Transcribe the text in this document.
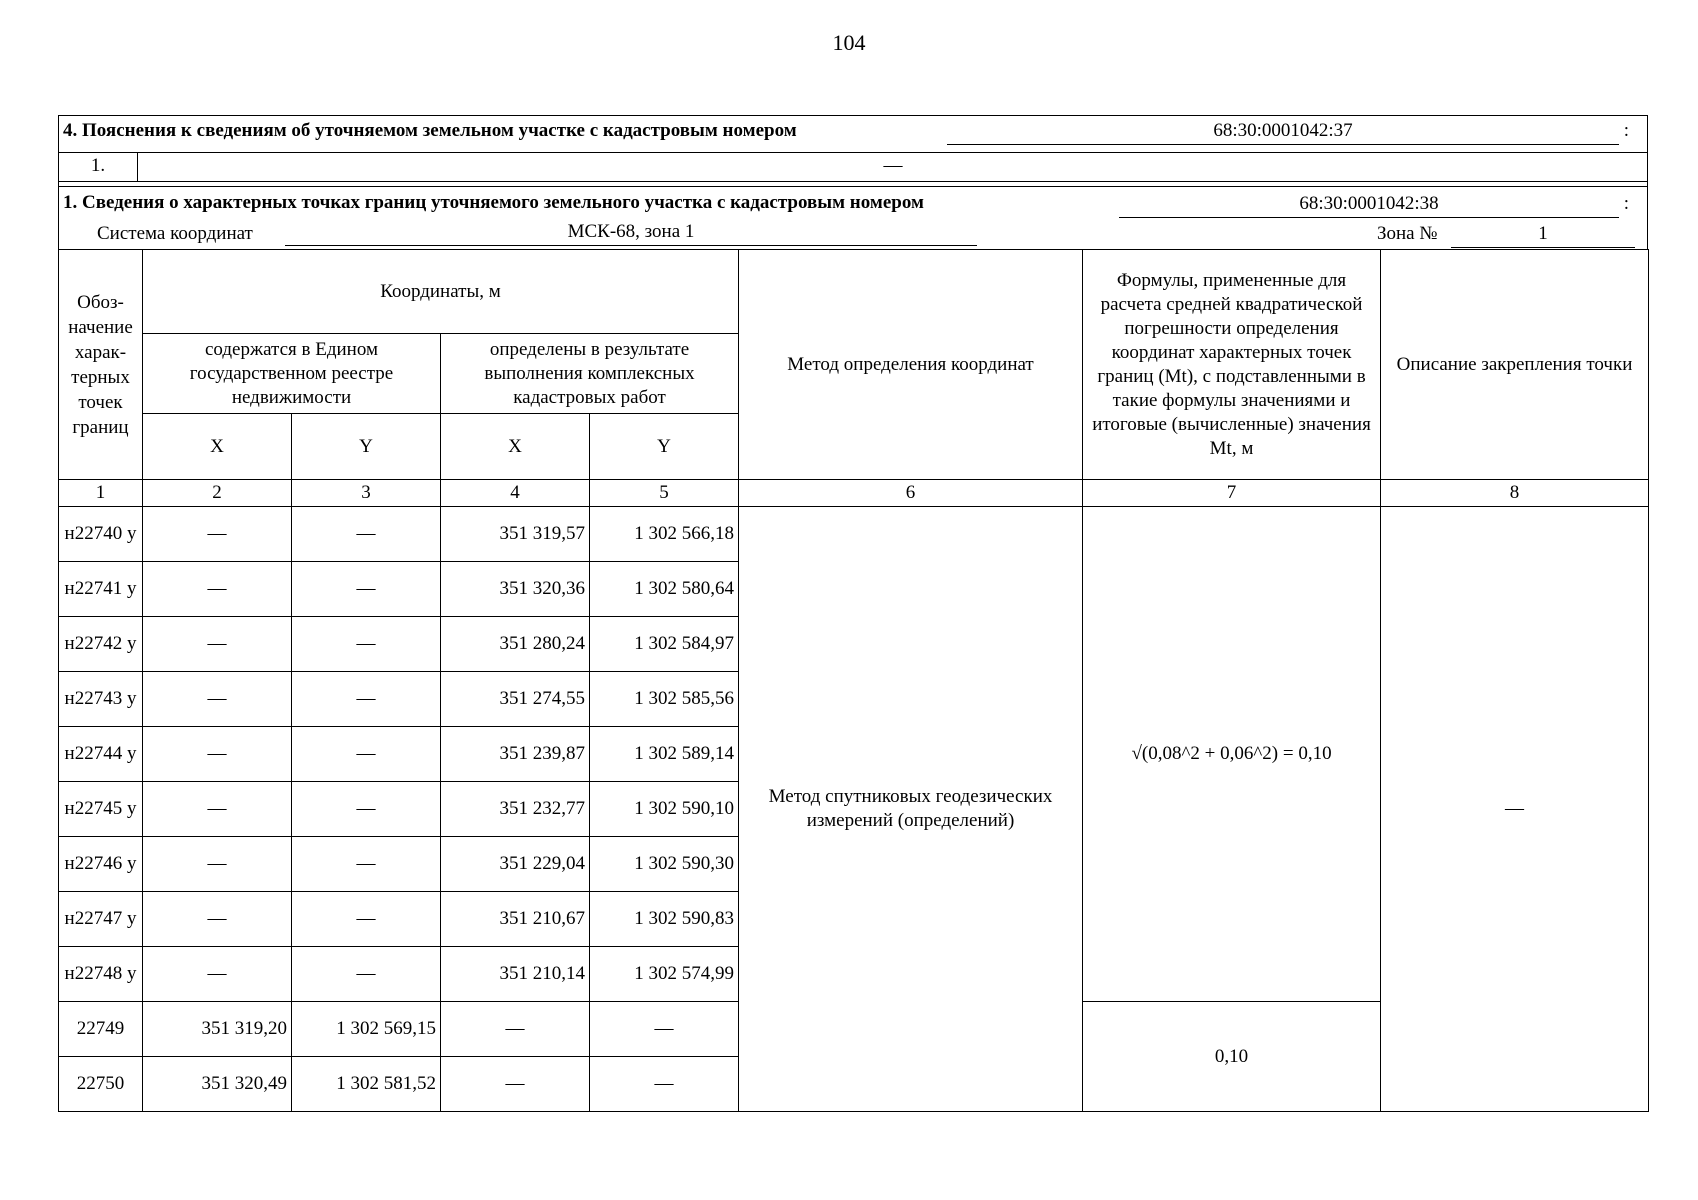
104
4. Пояснения к сведениям об уточняемом земельном участке с кадастровым номером	68:30:0001042:37	:
1.	—
1. Сведения о характерных точках границ уточняемого земельного участка с кадастровым номером	68:30:0001042:38	:
Система координат	МСК-68, зона 1	Зона №	1
Обоз-начение харак-терных точек границ	Координаты, м				Метод определения координат	Формулы, примененные для расчета средней квадратической погрешности определения координат характерных точек границ (Mt), с подставленными в такие формулы значениями и итоговые (вычисленные) значения Mt, м	Описание закрепления точки
	содержатся в Едином государственном реестре недвижимости		определены в результате выполнения комплексных кадастровых работ				
	X	Y	X	Y			
1	2	3	4	5	6	7	8
н22740 у	—	—	351 319,57	1 302 566,18	Метод спутниковых геодезических измерений (определений)	√(0,08^2 + 0,06^2) = 0,10	—
н22741 у	—	—	351 320,36	1 302 580,64			
н22742 у	—	—	351 280,24	1 302 584,97			
н22743 у	—	—	351 274,55	1 302 585,56			
н22744 у	—	—	351 239,87	1 302 589,14			
н22745 у	—	—	351 232,77	1 302 590,10			
н22746 у	—	—	351 229,04	1 302 590,30			
н22747 у	—	—	351 210,67	1 302 590,83			
н22748 у	—	—	351 210,14	1 302 574,99			
22749	351 319,20	1 302 569,15	—	—		0,10	
22750	351 320,49	1 302 581,52	—	—			
